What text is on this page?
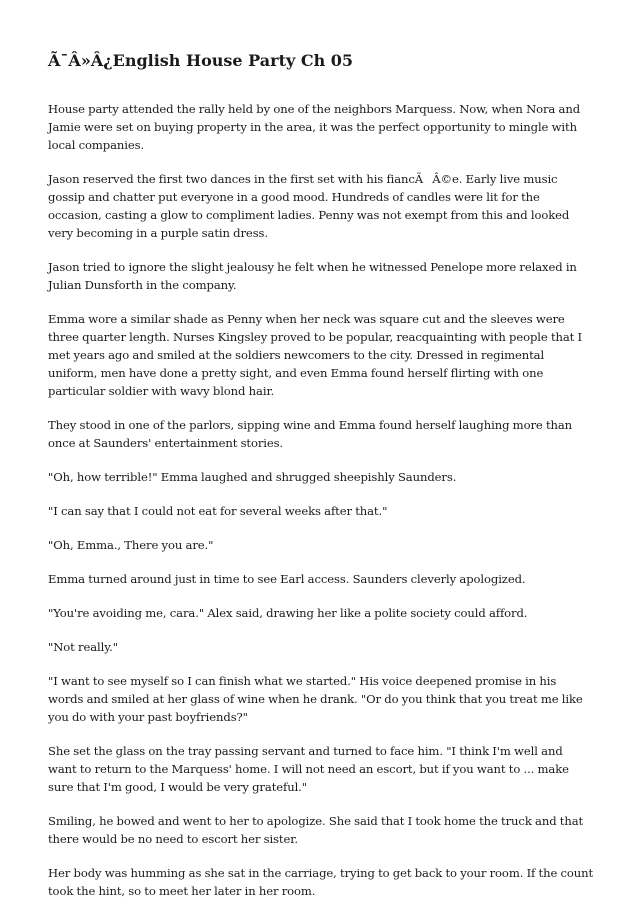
Ã¯Â»Â¿English House Party Ch 05

House party attended the rally held by one of the neighbors Marquess. Now, when Nora and Jamie were set on buying property in the area, it was the perfect opportunity to mingle with local companies.

Jason reserved the first two dances in the first set with his fiancÃÂ©e. Early live music gossip and chatter put everyone in a good mood. Hundreds of candles were lit for the occasion, casting a glow to compliment ladies. Penny was not exempt from this and looked very becoming in a purple satin dress.

Jason tried to ignore the slight jealousy he felt when he witnessed Penelope more relaxed in Julian Dunsforth in the company.

Emma wore a similar shade as Penny when her neck was square cut and the sleeves were three quarter length. Nurses Kingsley proved to be popular, reacquainting with people that I met years ago and smiled at the soldiers newcomers to the city. Dressed in regimental uniform, men have done a pretty sight, and even Emma found herself flirting with one particular soldier with wavy blond hair.

They stood in one of the parlors, sipping wine and Emma found herself laughing more than once at Saunders' entertainment stories.

"Oh, how terrible!" Emma laughed and shrugged sheepishly Saunders.

"I can say that I could not eat for several weeks after that."

"Oh, Emma., There you are."

Emma turned around just in time to see Earl access. Saunders cleverly apologized.

"You're avoiding me, cara." Alex said, drawing her like a polite society could afford.

"Not really."

"I want to see myself so I can finish what we started." His voice deepened promise in his words and smiled at her glass of wine when he drank. "Or do you think that you treat me like you do with your past boyfriends?"

She set the glass on the tray passing servant and turned to face him. "I think I'm well and want to return to the Marquess' home. I will not need an escort, but if you want to ... make sure that I'm good, I would be very grateful."

Smiling, he bowed and went to her to apologize. She said that I took home the truck and that there would be no need to escort her sister.

Her body was humming as she sat in the carriage, trying to get back to your room. If the count took the hint, so to meet her later in her room.
